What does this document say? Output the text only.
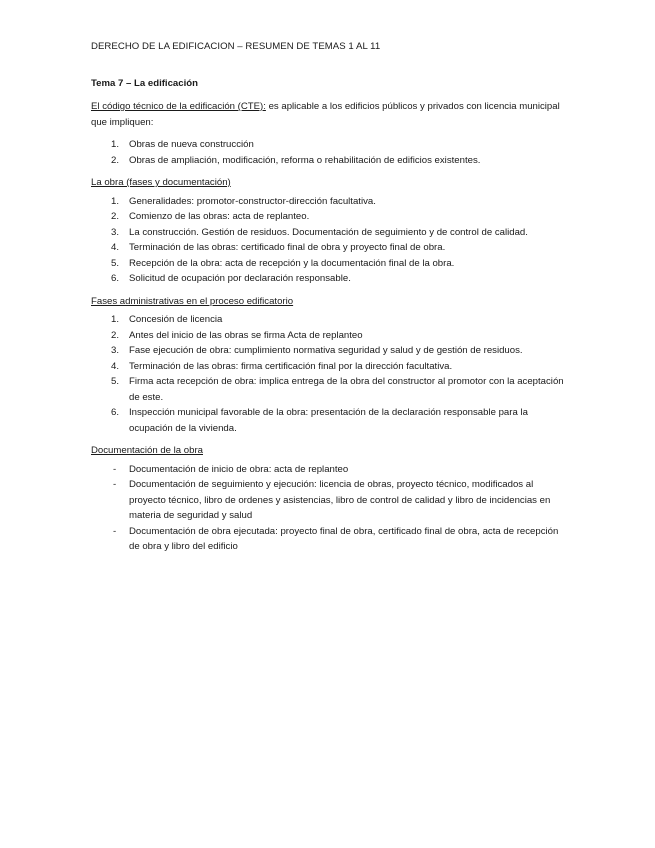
DERECHO DE LA EDIFICACION – RESUMEN DE TEMAS 1 AL 11
Tema 7 – La edificación
El código técnico de la edificación (CTE): es aplicable a los edificios públicos y privados con licencia municipal que impliquen:
1. Obras de nueva construcción
2. Obras de ampliación, modificación, reforma o rehabilitación de edificios existentes.
La obra (fases y documentación)
1. Generalidades: promotor-constructor-dirección facultativa.
2. Comienzo de las obras: acta de replanteo.
3. La construcción. Gestión de residuos. Documentación de seguimiento y de control de calidad.
4. Terminación de las obras: certificado final de obra y proyecto final de obra.
5. Recepción de la obra: acta de recepción y la documentación final de la obra.
6. Solicitud de ocupación por declaración responsable.
Fases administrativas en el proceso edificatorio
1. Concesión de licencia
2. Antes del inicio de las obras se firma Acta de replanteo
3. Fase ejecución de obra: cumplimiento normativa seguridad y salud y de gestión de residuos.
4. Terminación de las obras: firma certificación final por la dirección facultativa.
5. Firma acta recepción de obra: implica entrega de la obra del constructor al promotor con la aceptación de este.
6. Inspección municipal favorable de la obra: presentación de la declaración responsable para la ocupación de la vivienda.
Documentación de la obra
- Documentación de inicio de obra: acta de replanteo
- Documentación de seguimiento y ejecución: licencia de obras, proyecto técnico, modificados al proyecto técnico, libro de ordenes y asistencias, libro de control de calidad y libro de incidencias en materia de seguridad y salud
- Documentación de obra ejecutada: proyecto final de obra, certificado final de obra, acta de recepción de obra y libro del edificio
